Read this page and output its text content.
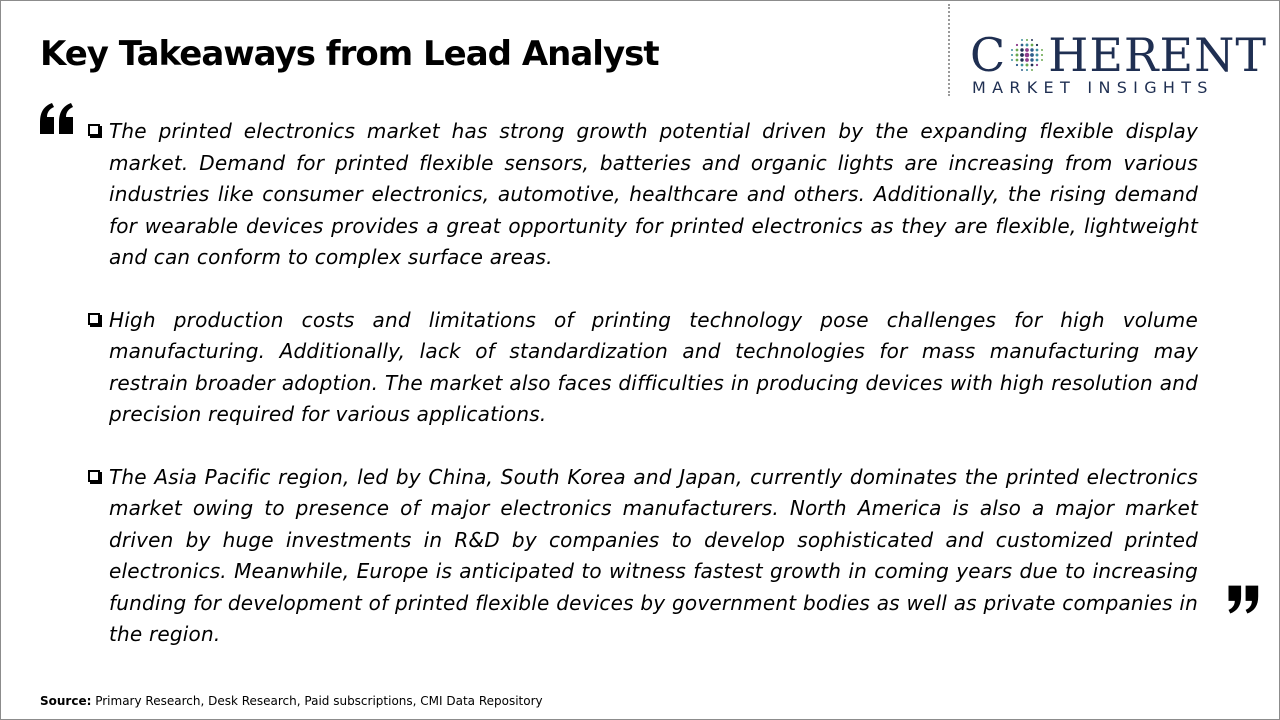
Key Takeaways from Lead Analyst	C HERENT
MARKET INSIGHTS
The printed electronics market has strong growth potential driven by the expanding flexible display market. Demand for printed flexible sensors, batteries and organic lights are increasing from various industries like consumer electronics, automotive, healthcare and others. Additionally, the rising demand for wearable devices provides a great opportunity for printed electronics as they are flexible, lightweight and can conform to complex surface areas.
High production costs and limitations of printing technology pose challenges for high volume manufacturing. Additionally, lack of standardization and technologies for mass manufacturing may restrain broader adoption. The market also faces difficulties in producing devices with high resolution and precision required for various applications.
The Asia Pacific region, led by China, South Korea and Japan, currently dominates the printed electronics market owing to presence of major electronics manufacturers. North America is also a major market driven by huge investments in R&D by companies to develop sophisticated and customized printed electronics. Meanwhile, Europe is anticipated to witness fastest growth in coming years due to increasing funding for development of printed flexible devices by government bodies as well as private companies in the region.
Source: Primary Research, Desk Research, Paid subscriptions, CMI Data Repository
